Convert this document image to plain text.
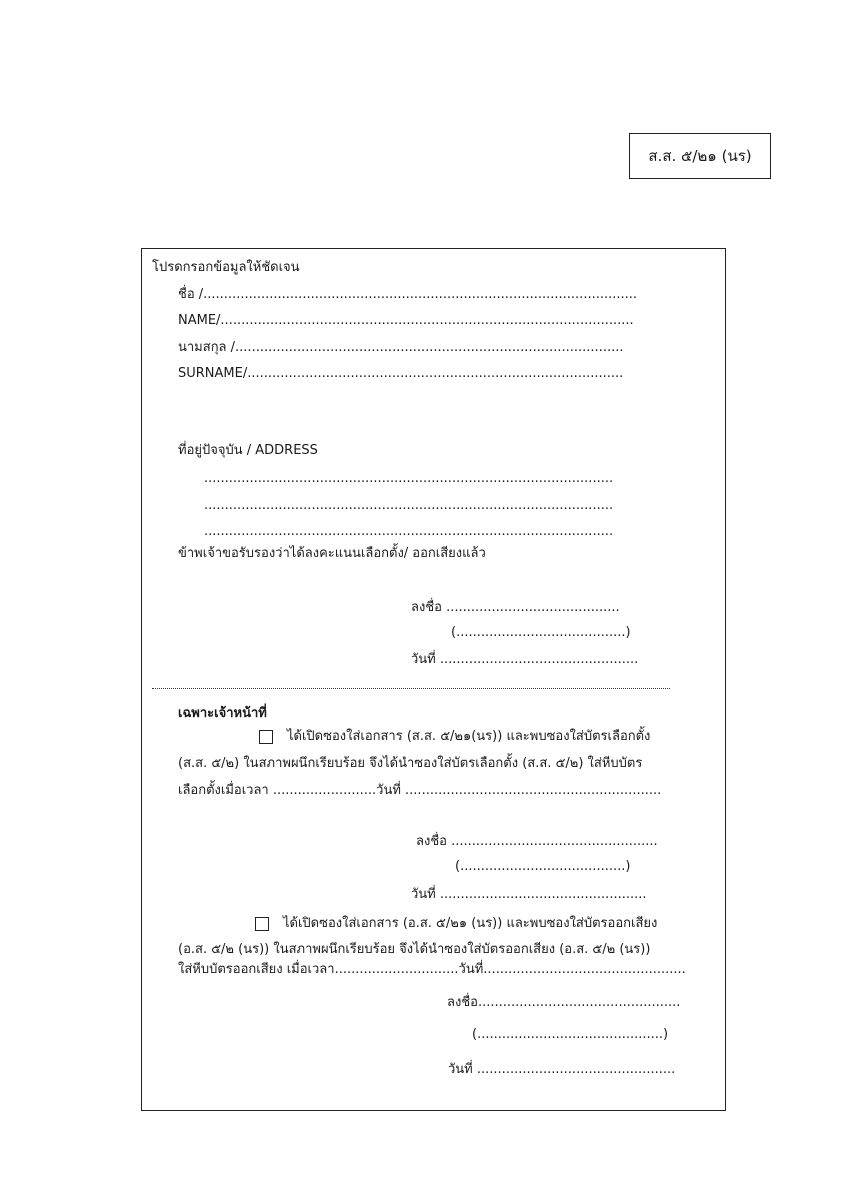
ส.ส. ๕/๒๑ (นร)
โปรดกรอกข้อมูลให้ชัดเจน
ชื่อ /.........................................................................................................
NAME/....................................................................................................
นามสกุล /..............................................................................................
SURNAME/...........................................................................................
ที่อยู่ปัจจุบัน / ADDRESS
...................................................................................................
...................................................................................................
...................................................................................................
ข้าพเจ้าขอรับรองว่าได้ลงคะแนนเลือกตั้ง/ ออกเสียงแล้ว
ลงชื่อ ..........................................
(.........................................)
วันที่ ................................................
เฉพาะเจ้าหน้าที่
ได้เปิดซองใส่เอกสาร (ส.ส. ๕/๒๑(นร)) และพบซองใส่บัตรเลือกตั้ง
(ส.ส. ๕/๒) ในสภาพผนึกเรียบร้อย จึงได้นำซองใส่บัตรเลือกตั้ง (ส.ส. ๕/๒) ใส่หีบบัตร
เลือกตั้งเมื่อเวลา .........................วันที่ ..............................................................
ลงชื่อ ..................................................
(........................................)
วันที่ ..................................................
ได้เปิดซองใส่เอกสาร (อ.ส. ๕/๒๑ (นร)) และพบซองใส่บัตรออกเสียง
(อ.ส. ๕/๒ (นร)) ในสภาพผนึกเรียบร้อย จึงได้นำซองใส่บัตรออกเสียง (อ.ส. ๕/๒ (นร))
ใส่หีบบัตรออกเสียง เมื่อเวลา..............................วันที่.................................................
ลงชื่อ.................................................
(.............................................)
วันที่ ................................................
